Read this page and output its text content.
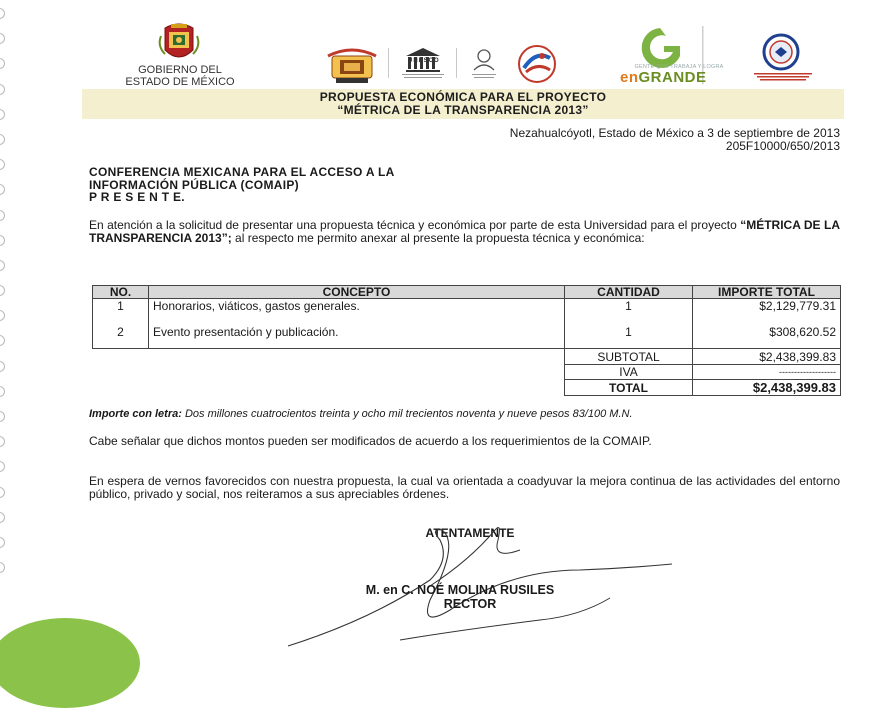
GOBIERNO DEL
ESTADO DE MÉXICO
UNESCO
GENTE QUE TRABAJA Y LOGRA
enGRANDE
PROPUESTA ECONÓMICA PARA EL PROYECTO
“MÉTRICA DE LA TRANSPARENCIA 2013”
Nezahualcóyotl, Estado de México a 3 de septiembre de 2013
205F10000/650/2013
CONFERENCIA MEXICANA PARA EL ACCESO A LA
INFORMACIÓN PÚBLICA (COMAIP)
P R E S E N T E.
En atención a la solicitud de presentar una propuesta técnica y económica por parte de esta Universidad para el proyecto “MÉTRICA DE LA TRANSPARENCIA 2013”; al respecto me permito anexar al presente la propuesta técnica y económica:
NO.	CONCEPTO	CANTIDAD	IMPORTE TOTAL
1	Honorarios, viáticos, gastos generales.	1	$2,129,779.31
2	Evento presentación y publicación.	1	$308,620.52
		SUBTOTAL	$2,438,399.83
		IVA	-------------------
		TOTAL	$2,438,399.83
Importe con letra: Dos millones cuatrocientos treinta y ocho mil trecientos noventa y nueve pesos 83/100 M.N.
Cabe señalar que dichos montos pueden ser modificados de acuerdo a los requerimientos de la COMAIP.
En espera de vernos favorecidos con nuestra propuesta, la cual va orientada a coadyuvar la mejora continua de las actividades del entorno público, privado y social, nos reiteramos a sus apreciables órdenes.
ATENTAMENTE
M. en C. NOÉ MOLINA RUSILES
RECTOR
